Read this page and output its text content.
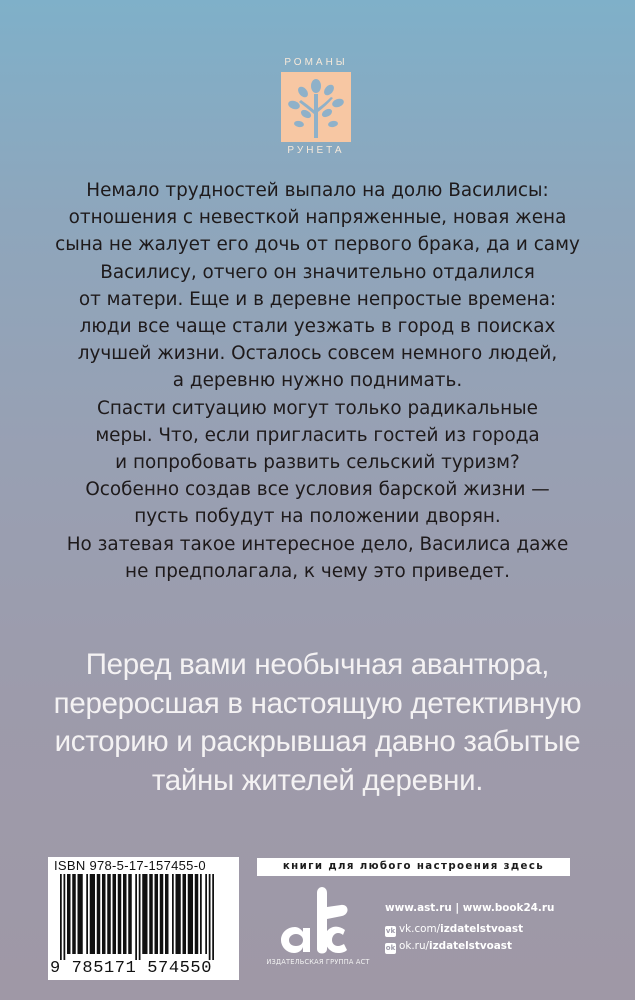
РОМАНЫ
РУНЕТА

Немало трудностей выпало на долю Василисы:
отношения с невесткой напряженные, новая жена
сына не жалует его дочь от первого брака, да и саму
Василису, отчего он значительно отдалился
от матери. Еще и в деревне непростые времена:
люди все чаще стали уезжать в город в поисках
лучшей жизни. Осталось совсем немного людей,
а деревню нужно поднимать.
Спасти ситуацию могут только радикальные
меры. Что, если пригласить гостей из города
и попробовать развить сельский туризм?
Особенно создав все условия барской жизни —
пусть побудут на положении дворян.
Но затевая такое интересное дело, Василиса даже
не предполагала, к чему это приведет.

Перед вами необычная авантюра,
переросшая в настоящую детективную
историю и раскрывшая давно забытые
тайны жителей деревни.
ISBN 978-5-17-157455-0
9 785171 574550
книги для любого настроения здесь
ИЗДАТЕЛЬСКАЯ ГРУППА АСТ
www.ast.ru | www.book24.ru
vk vk.com/izdatelstvoast
ok ok.ru/izdatelstvoast
